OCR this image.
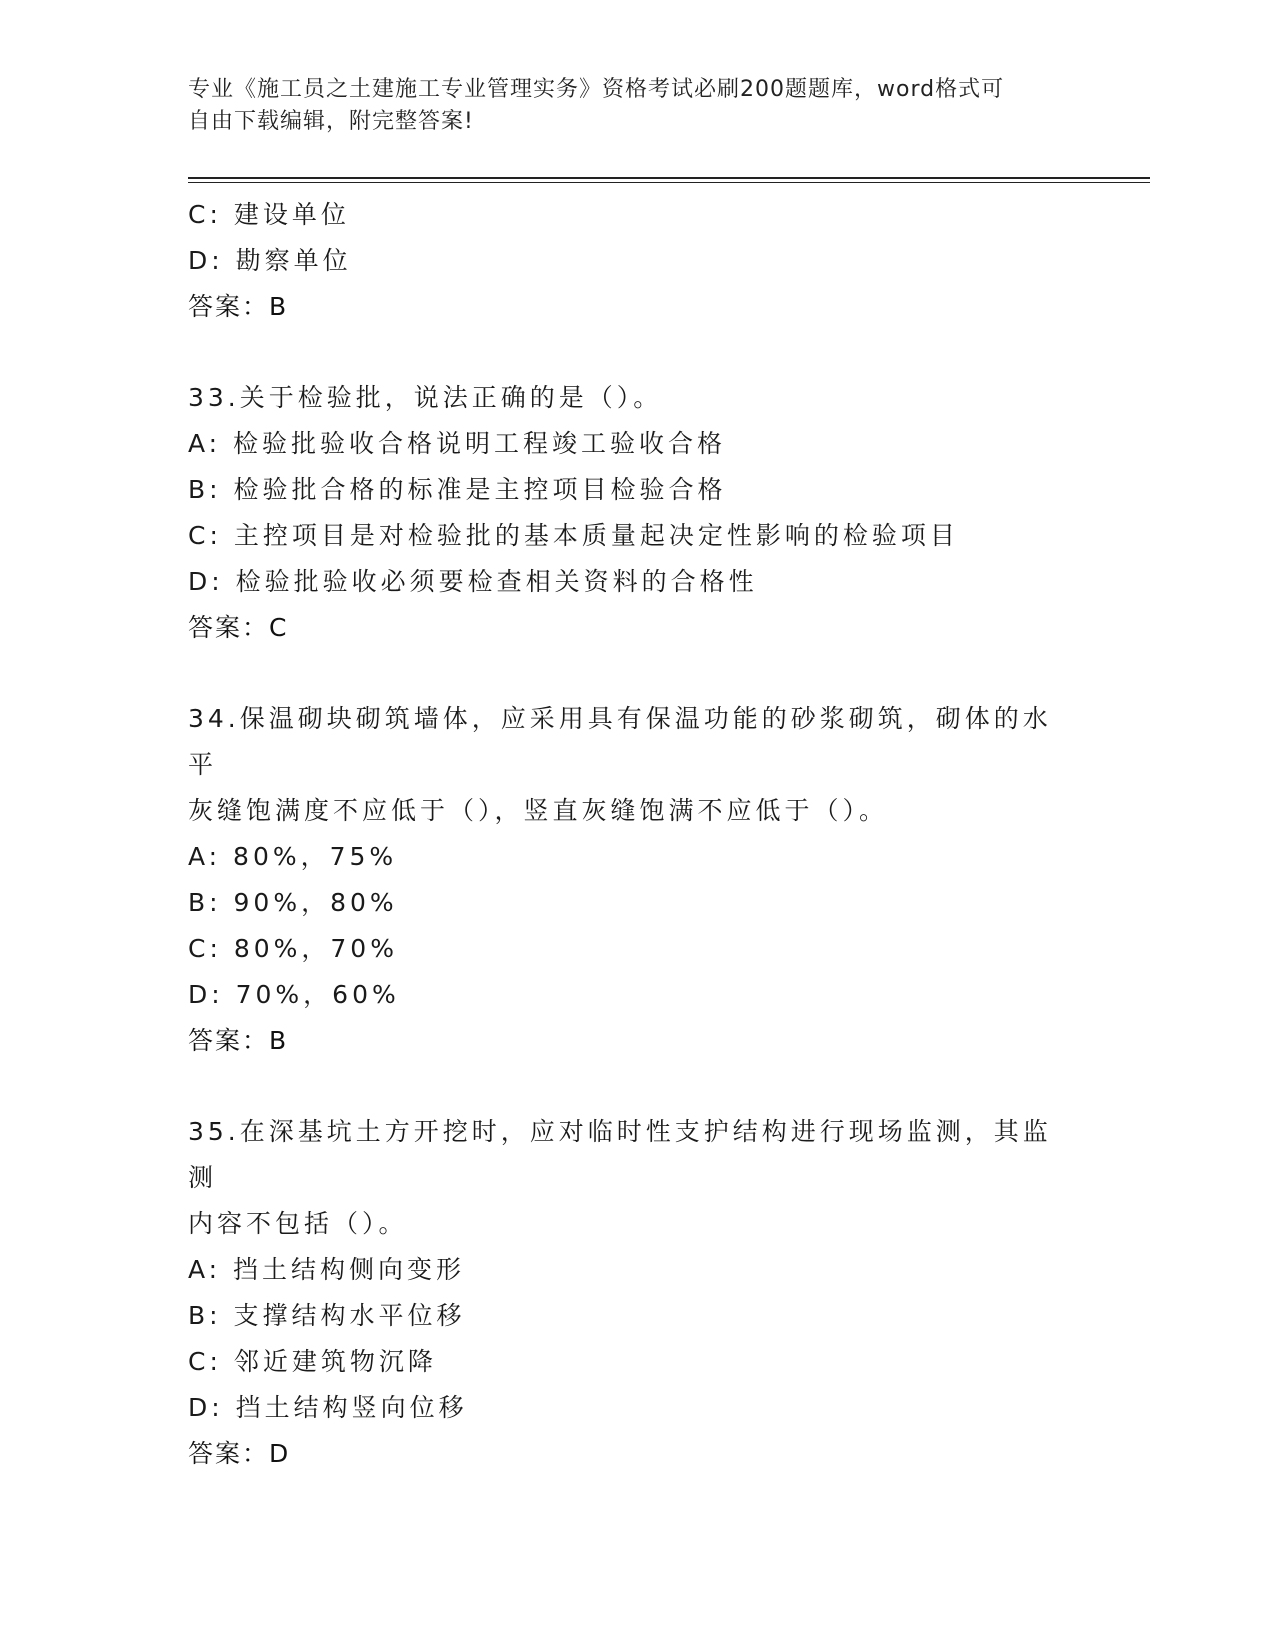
专业《施工员之土建施工专业管理实务》资格考试必刷200题题库，word格式可
自由下载编辑，附完整答案!
C: 建设单位
D: 勘察单位
答案：B
33.关于检验批，说法正确的是（）。
A: 检验批验收合格说明工程竣工验收合格
B: 检验批合格的标准是主控项目检验合格
C: 主控项目是对检验批的基本质量起决定性影响的检验项目
D: 检验批验收必须要检查相关资料的合格性
答案：C
34.保温砌块砌筑墙体，应采用具有保温功能的砂浆砌筑，砌体的水平
灰缝饱满度不应低于（），竖直灰缝饱满不应低于（）。
A: 80%，75%
B: 90%，80%
C: 80%，70%
D: 70%，60%
答案：B
35.在深基坑土方开挖时，应对临时性支护结构进行现场监测，其监测
内容不包括（）。
A: 挡土结构侧向变形
B: 支撑结构水平位移
C: 邻近建筑物沉降
D: 挡土结构竖向位移
答案：D
